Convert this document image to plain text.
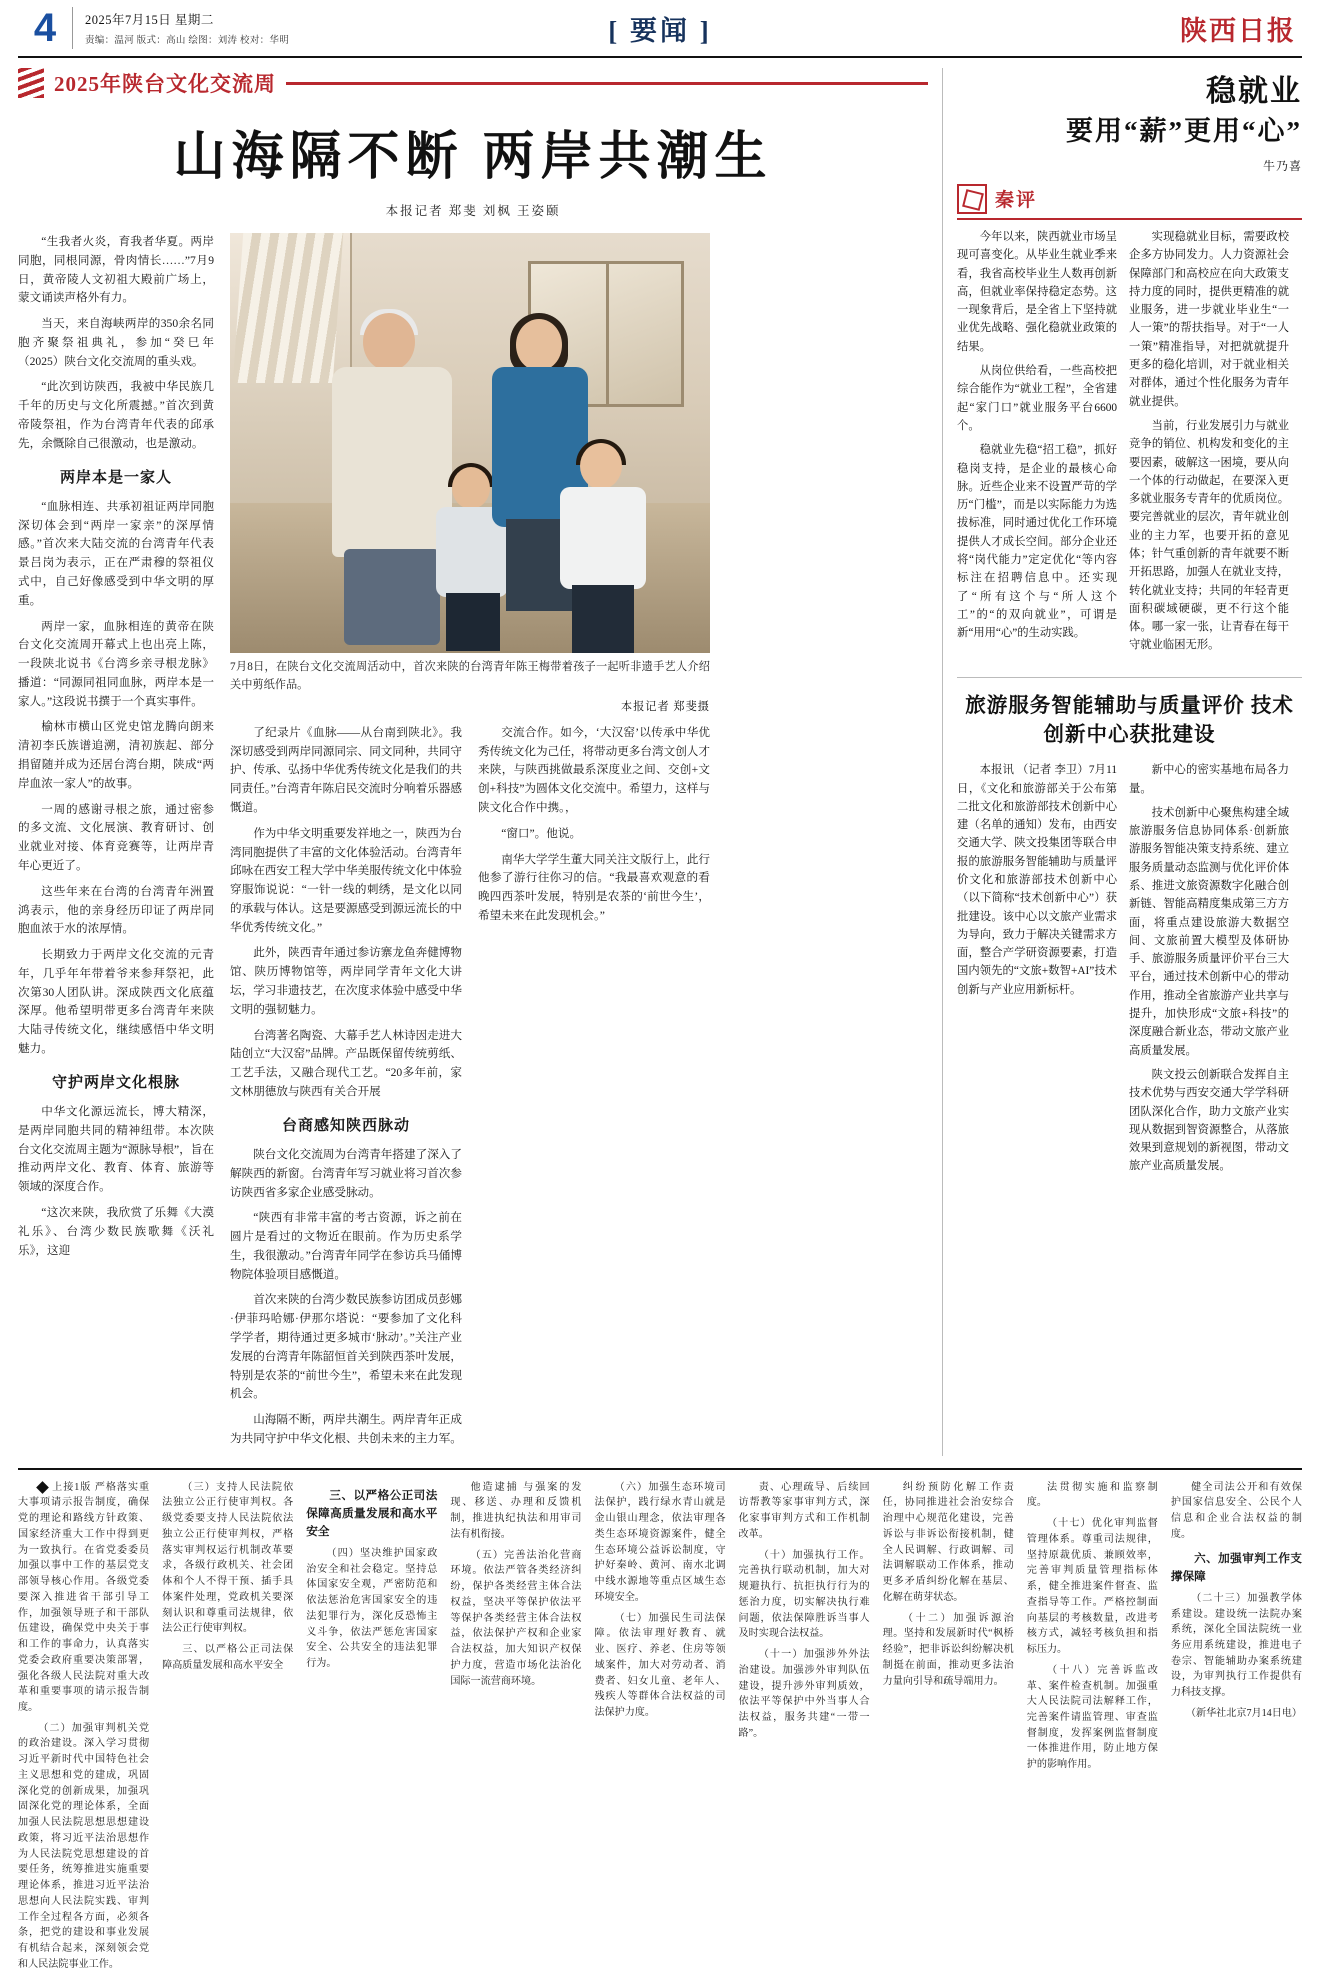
4	2025年7月15日 星期二
责编：温河 版式：高山 绘图：刘涛 校对：华明	[ 要闻 ]	陕西日报
2025年陕台文化交流周
山海隔不断 两岸共潮生
本报记者 郑斐 刘枫 王姿颐

“生我者火炎，育我者华夏。两岸同胞，同根同源，骨肉情长……”7月9日，黄帝陵人文初祖大殿前广场上，蒙文诵读声格外有力。

当天，来自海峡两岸的350余名同胞齐聚祭祖典礼，参加“癸巳年（2025）陕台文化交流周的重头戏。

“此次到访陕西，我被中华民族几千年的历史与文化所震撼。”首次到黄帝陵祭祖，作为台湾青年代表的邱承先，余慨除自己很激动，也是激动。

两岸本是一家人

“血脉相连、共承初祖证两岸同胞深切体会到“两岸一家亲”的深厚情感。”首次来大陆交流的台湾青年代表景吕岗为表示，正在严肃穆的祭祖仪式中，自己好像感受到中华文明的厚重。

两岸一家，血脉相连的黄帝在陕台文化交流周开幕式上也出亮上陈，一段陕北说书《台湾乡亲寻根龙脉》播道：“同源同祖同血脉，两岸本是一家人。”这段说书撰于一个真实事件。

榆林市横山区党史馆龙腾向朗来清初李氏族谱追溯，清初族起、部分捐留随并成为还居台湾台期，陕成“两岸血浓一家人”的故事。

一周的感谢寻根之旅，通过密参的多文流、文化展演、教育研讨、创业就业对接、体育竞赛等，让两岸青年心更近了。

这些年来在台湾的台湾青年洲置鸿表示，他的亲身经历印证了两岸同胞血浓于水的浓厚情。

长期致力于两岸文化交流的元青年，几乎年年带着爷来参拜祭祀，此次第30人团队讲。深成陕西文化底蕴深厚。他希望明带更多台湾青年来陕大陆寻传统文化，继续感悟中华文明魅力。

守护两岸文化根脉

中华文化源远流长，博大精深，是两岸同胞共同的精神纽带。本次陕台文化交流周主题为“源脉导根”，旨在推动两岸文化、教育、体育、旅游等领域的深度合作。

“这次来陕，我欣赏了乐舞《大漠礼乐》、台湾少数民族歌舞《沃礼乐》，这迎

7月8日，在陕台文化交流周活动中，首次来陕的台湾青年陈王梅带着孩子一起听非遗手艺人介绍关中剪纸作品。
本报记者 郑斐摄

了纪录片《血脉——从台南到陕北》。我深切感受到两岸同源同宗、同文同种，共同守护、传承、弘扬中华优秀传统文化是我们的共同责任。”台湾青年陈启民交流时分响着乐器感慨道。

作为中华文明重要发祥地之一，陕西为台湾同胞提供了丰富的文化体验活动。台湾青年邱咏在西安工程大学中华美服传统文化中体验穿服饰说说：“一针一线的刺绣，是文化以同的承载与体认。这是要源感受到源远流长的中华优秀传统文化。”

此外，陕西青年通过参访寨龙鱼奔健博物馆、陕历博物馆等，两岸同学青年文化大讲坛，学习非遗技艺，在次度求体验中感受中华文明的强韧魅力。

台湾著名陶瓷、大幕手艺人林诗因走进大陆创立“大汉窑”品牌。产品既保留传统剪纸、工艺手法，又融合现代工艺。“20多年前，家文林朋德放与陕西有关合开展

台商感知陕西脉动

陕台文化交流周为台湾青年搭建了深入了解陕西的新窗。台湾青年写习就业将习首次参访陕西省多家企业感受脉动。

“陕西有非常丰富的考古资源，诉之前在圆片是看过的文物近在眼前。作为历史系学生，我很激动。”台湾青年同学在参访兵马俑博物院体验项目感慨道。

首次来陕的台湾少数民族参访团成员彭娜·伊菲玛哈娜·伊那尔塔说：“要参加了文化科学学者，期待通过更多城市‘脉动’。”关注产业发展的台湾青年陈韶恒首关到陕西茶叶发展，特别是农茶的“前世今生”，希望未来在此发现机会。

山海隔不断，两岸共潮生。两岸青年正成为共同守护中华文化根、共创未来的主力军。

交流合作。如今，‘大汉窑’以传承中华优秀传统文化为己任，将带动更多台湾文创人才来陕，与陕西挑做最系深度业之间、交创+文创+科技”为圆体文化交流中。希望力，这样与陕文化合作中携。，

“窗口”。他说。

南华大学学生董大同关注文版行上，此行他参了游行往你习的信。“我最喜欢观意的看晚四西茶叶发展，特别是农茶的‘前世今生’，希望未来在此发现机会。”

稳就业
要用“薪”更用“心”
牛乃喜
秦评

今年以来，陕西就业市场呈现可喜变化。从毕业生就业季来看，我省高校毕业生人数再创新高，但就业率保持稳定态势。这一现象背后，是全省上下坚持就业优先战略、强化稳就业政策的结果。

从岗位供给看，一些高校把综合能作为“就业工程”，全省建起“家门口”就业服务平台6600个。

稳就业先稳“招工稳”，抓好稳岗支持，是企业的最核心命脉。近些企业来不设置严苛的学历“门槛”，而是以实际能力为选拔标准，同时通过优化工作环境提供人才成长空间。部分企业还将“岗代能力”定定优化“等内容标注在招聘信息中。还实现了“所有这个与“所人这个工”的“的双向就业”，可谓是新“用用“心”的生动实践。

实现稳就业目标，需要政校企多方协同发力。人力资源社会保障部门和高校应在向大政策支持力度的同时，提供更精准的就业服务，进一步就业毕业生“一人一策”的帮扶指导。对于“一人一策”精准指导，对把就就提升更多的稳化培训，对于就业相关对群体，通过个性化服务为青年就业提供。

当前，行业发展引力与就业竞争的销位、机构发和变化的主要因素，破解这一困境，要从向一个体的行动做起，在要深入更多就业服务专青年的优质岗位。要完善就业的层次，青年就业创业的主力军，也要开拓的意见体；针气重创新的青年就要不断开拓思路，加强人在就业支持，转化就业支持；共同的年轻青更面积碳域硬碳，更不行这个能体。哪一家一张，让青春在每干守就业临困无形。

旅游服务智能辅助与质量评价 技术创新中心获批建设

本报讯 （记者 李卫）7月11日，《文化和旅游部关于公布第二批文化和旅游部技术创新中心建（名单的通知）发布，由西安交通大学、陕文投集团等联合申报的旅游服务智能辅助与质量评价文化和旅游部技术创新中心（以下简称“技术创新中心”）获批建设。该中心以文旅产业需求为导向，致力于解决关键需求方面，整合产学研资源要素，打造国内领先的“文旅+数智+AI”技术创新与产业应用新标杆。

新中心的密实基地布局各力量。

技术创新中心聚焦构建全域旅游服务信息协同体系·创新旅游服务智能决策支持系统、建立服务质量动态监测与优化评价体系、推进文旅资源数字化融合创新链、智能高精度集成第三方方面，将重点建设旅游大数据空间、文旅前置大模型及体研协手、旅游服务质量评价平台三大平台，通过技术创新中心的带动作用，推动全省旅游产业共享与提升，加快形成“文旅+科技”的深度融合新业态，带动文旅产业高质量发展。

陕文投云创新联合发挥自主技术优势与西安交通大学学科研团队深化合作，助力文旅产业实现从数据到智资源整合，从落旅效果到意规划的新视图，带动文旅产业高质量发展。

上接1版 严格落实重大事项请示报告制度，确保党的理论和路线方针政策、国家经济重大工作中得到更为一致执行。在省党委委员加强以事中工作的基层党支部领导核心作用。各级党委要深入推进省干部引导工作，加强领导班子和干部队伍建设，确保党中央关于事和工作的事命力，认真落实党委会政府重要决策部署，强化各级人民法院对重大改革和重要事项的请示报告制度。

（二）加强审判机关党的政治建设。深入学习贯彻习近平新时代中国特色社会主义思想和党的建成，巩固深化党的创新成果，加强巩固深化党的理论体系，全面加强人民法院思想思想建设政策，将习近平法治思想作为人民法院党思想建设的首要任务，统筹推进实施重要理论体系，推进习近平法治思想向人民法院实践、审判工作全过程各方面，必须各条，把党的建设和事业发展有机结合起来，深刻领会党和人民法院事业工作。

（三）支持人民法院依法独立公正行使审判权。各级党委要支持人民法院依法独立公正行使审判权，严格落实审判权运行机制改革要求，各级行政机关、社会团体和个人不得干预、插手具体案件处理，党政机关要深刻认识和尊重司法规律，依法公正行使审判权。

三、以严格公正司法保障高质量发展和高水平安全

三、以严格公正司法保障高质量发展和高水平安全

（四）坚决维护国家政治安全和社会稳定。坚持总体国家安全观，严密防范和依法惩治危害国家安全的违法犯罪行为，深化反恐怖主义斗争，依法严惩危害国家安全、公共安全的违法犯罪行为。

他造逮捕 与强案的发现、移送、办理和反馈机制，推进执纪执法和用审司法有机衔接。

（五）完善法治化营商环境。依法严管各类经济纠纷，保护各类经营主体合法权益，坚决平等保护依法平等保护各类经营主体合法权益，依法保护产权和企业家合法权益，加大知识产权保护力度，营造市场化法治化国际一流营商环境。

（六）加强生态环境司法保护，践行绿水青山就是金山银山理念，依法审理各类生态环境资源案件，健全生态环境公益诉讼制度，守护好秦岭、黄河、南水北调中线水源地等重点区域生态环境安全。

（七）加强民生司法保障。依法审理好教育、就业、医疗、养老、住房等领域案件，加大对劳动者、消费者、妇女儿童、老年人、残疾人等群体合法权益的司法保护力度。

责、心理疏导、后续回访帮教等家事审判方式，深化家事审判方式和工作机制改革。

（十）加强执行工作。完善执行联动机制，加大对规避执行、抗拒执行行为的惩治力度，切实解决执行难问题，依法保障胜诉当事人及时实现合法权益。

（十一）加强涉外外法治建设。加强涉外审判队伍建设，提升涉外审判质效，依法平等保护中外当事人合法权益，服务共建“一带一路”。

纠纷预防化解工作责任，协同推进社会治安综合治理中心规范化建设，完善诉讼与非诉讼衔接机制，健全人民调解、行政调解、司法调解联动工作体系，推动更多矛盾纠纷化解在基层、化解在萌芽状态。

（十二）加强诉源治理。坚持和发展新时代“枫桥经验”，把非诉讼纠纷解决机制挺在前面，推动更多法治力量向引导和疏导端用力。

法贯彻实施和监察制度。

（十七）优化审判监督管理体系。尊重司法规律，坚持原裁优质、兼顾效率，完善审判质量管理指标体系，健全推进案件督查、监查指导等工作。严格控制面向基层的考核数量，改进考核方式，减轻考核负担和指标压力。

（十八）完善诉监改革、案件检查机制。加强重大人民法院司法解释工作，完善案件请监管理、审查监督制度，发挥案例监督制度一体推进作用，防止地方保护的影响作用。

健全司法公开和有效保护国家信息安全、公民个人信息和企业合法权益的制度。

六、加强审判工作支撑保障

（二十三）加强教学体系建设。建设统一法院办案系统，深化全国法院统一业务应用系统建设，推进电子卷宗、智能辅助办案系统建设，为审判执行工作提供有力科技支撑。

（新华社北京7月14日电）
